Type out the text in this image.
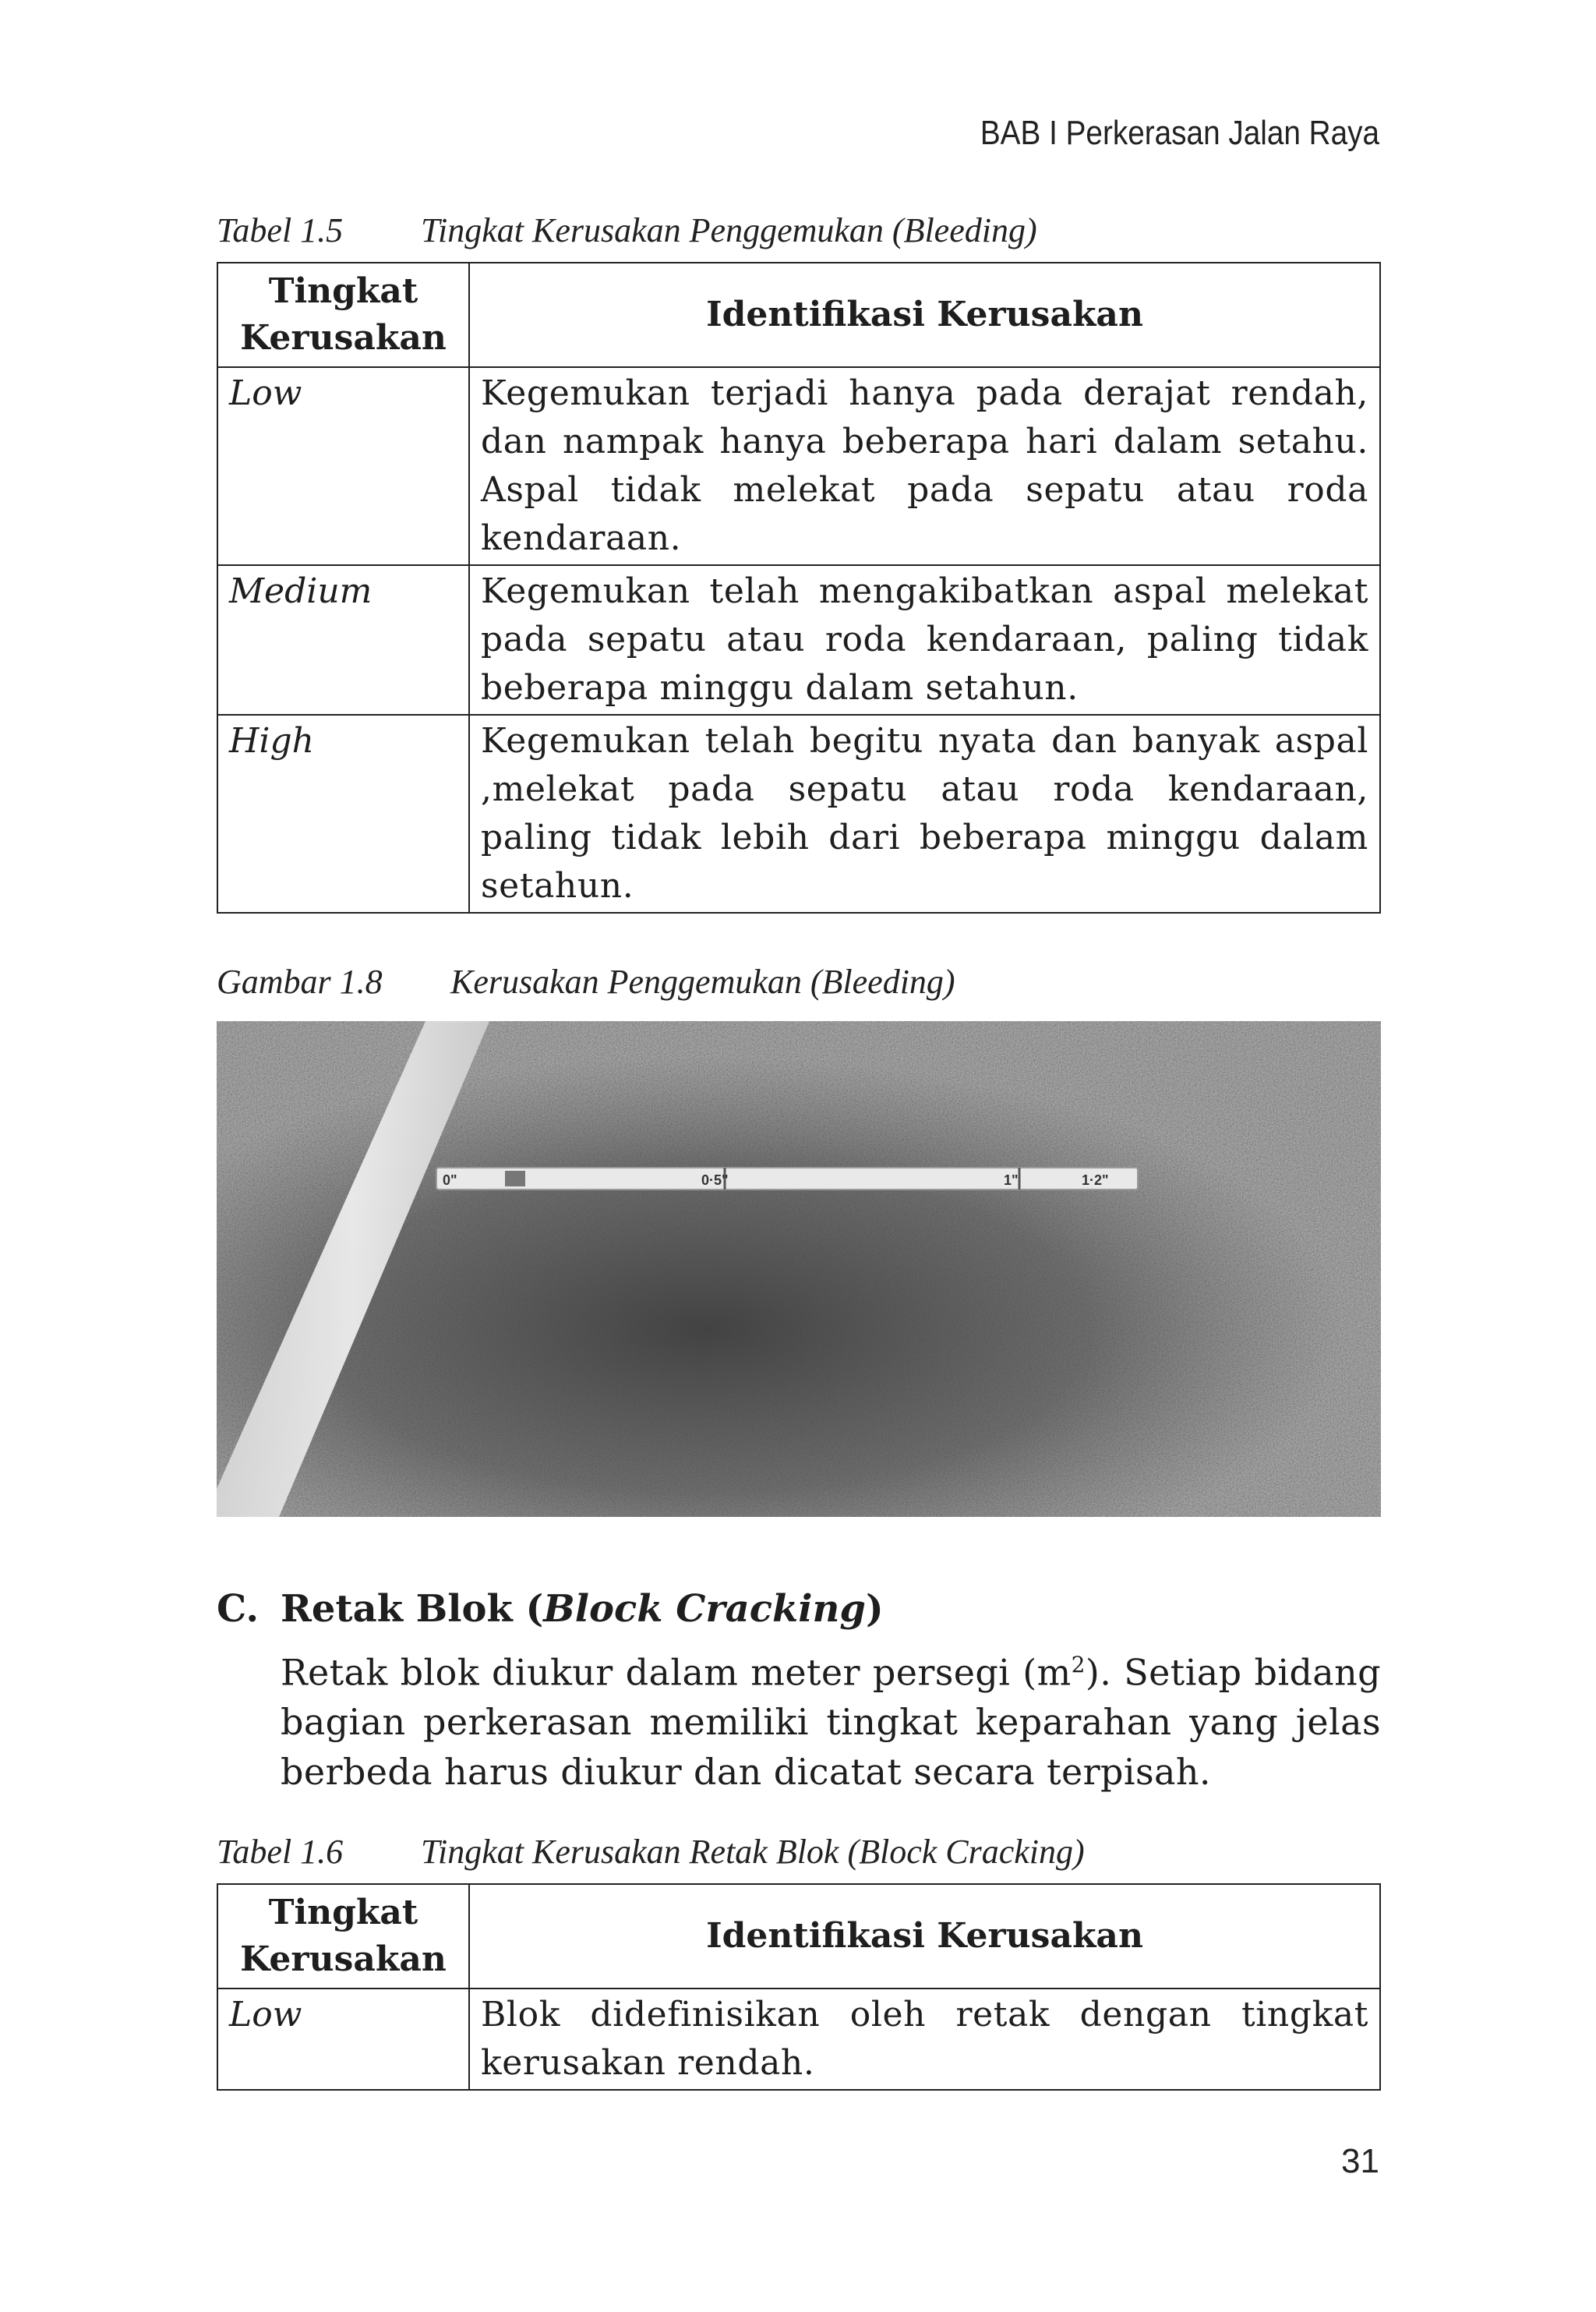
BAB I Perkerasan Jalan Raya
Tabel 1.5 Tingkat Kerusakan Penggemukan (Bleeding)
Tingkat
Kerusakan	Identifikasi Kerusakan
Low	Kegemukan terjadi hanya pada derajat rendah, dan nampak hanya beberapa hari dalam setahu. Aspal tidak melekat pada sepatu atau roda kendaraan.
Medium	Kegemukan telah mengakibatkan aspal melekat pada sepatu atau roda kendaraan, paling tidak beberapa minggu dalam setahun.
High	Kegemukan telah begitu nyata dan banyak aspal ,melekat pada sepatu atau roda kendaraan, paling tidak lebih dari beberapa minggu dalam setahun.
Gambar 1.8 Kerusakan Penggemukan (Bleeding)
0"	0·5"	1"	1·2"
C. Retak Blok (Block Cracking)
Retak blok diukur dalam meter persegi $(m^2)$. Setiap bidang bagian perkerasan memiliki tingkat keparahan yang jelas berbeda harus diukur dan dicatat secara terpisah.
Tabel 1.6 Tingkat Kerusakan Retak Blok (Block Cracking)
Tingkat
Kerusakan	Identifikasi Kerusakan
Low	Blok didefinisikan oleh retak dengan tingkat kerusakan rendah.
31
